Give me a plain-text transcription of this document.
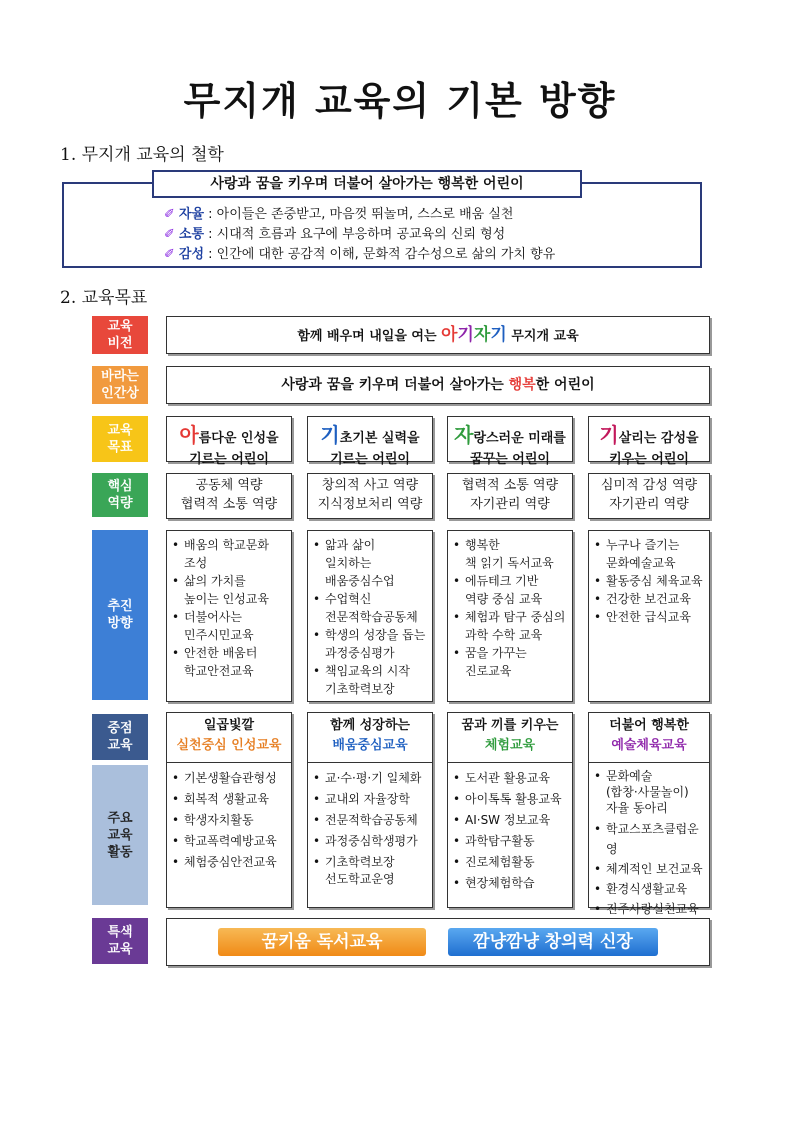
무지개 교육의 기본 방향
1. 무지개 교육의 철학
사랑과 꿈을 키우며 더불어 살아가는 행복한 어린이
✐ 자율 : 아이들은 존중받고, 마음껏 뛰놀며, 스스로 배움 실천
✐ 소통 : 시대적 흐름과 요구에 부응하며 공교육의 신뢰 형성
✐ 감성 : 인간에 대한 공감적 이해, 문화적 감수성으로 삶의 가치 향유
2. 교육목표
교육
비전
바라는
인간상
교육
목표
핵심
역량
추진
방향
중점
교육
주요
교육
활동
특색
교육
함께 배우며 내일을 여는 아기자기 무지개 교육
사랑과 꿈을 키우며 더불어 살아가는 행복한 어린이
아름다운 인성을
기르는 어린이
기초기본 실력을
기르는 어린이
자랑스러운 미래를
꿈꾸는 어린이
기살리는 감성을
키우는 어린이
공동체 역량
협력적 소통 역량
창의적 사고 역량
지식정보처리 역량
협력적 소통 역량
자기관리 역량
심미적 감성 역량
자기관리 역량
• 배움의 학교문화
조성
• 삶의 가치를
높이는 인성교육
• 더불어사는
민주시민교육
• 안전한 배움터
학교안전교육
• 앎과 삶이
일치하는
배움중심수업
• 수업혁신
전문적학습공동체
• 학생의 성장을 돕는
과정중심평가
• 책임교육의 시작
기초학력보장
• 행복한
책 읽기 독서교육
• 에듀테크 기반
역량 중심 교육
• 체험과 탐구 중심의
과학 수학 교육
• 꿈을 가꾸는
진로교육
• 누구나 즐기는
문화예술교육
• 활동중심 체육교육
• 건강한 보건교육
• 안전한 급식교육
일곱빛깔
실천중심 인성교육
함께 성장하는
배움중심교육
꿈과 끼를 키우는
체험교육
더불어 행복한
예술체육교육
• 기본생활습관형성
• 회복적 생활교육
• 학생자치활동
• 학교폭력예방교육
• 체험중심안전교육
• 교·수·평·기 일체화
• 교내외 자율장학
• 전문적학습공동체
• 과정중심학생평가
• 기초학력보장
선도학교운영
• 도서관 활용교육
• 아이톡톡 활용교육
• AI·SW 정보교육
• 과학탐구활동
• 진로체험활동
• 현장체험학습
• 문화예술
(합창·사물놀이)
자율 동아리
• 학교스포츠클럽운영
• 체계적인 보건교육
• 환경식생활교육
• 진주사랑실천교육
꿈키움 독서교육	깜냥깜냥 창의력 신장
